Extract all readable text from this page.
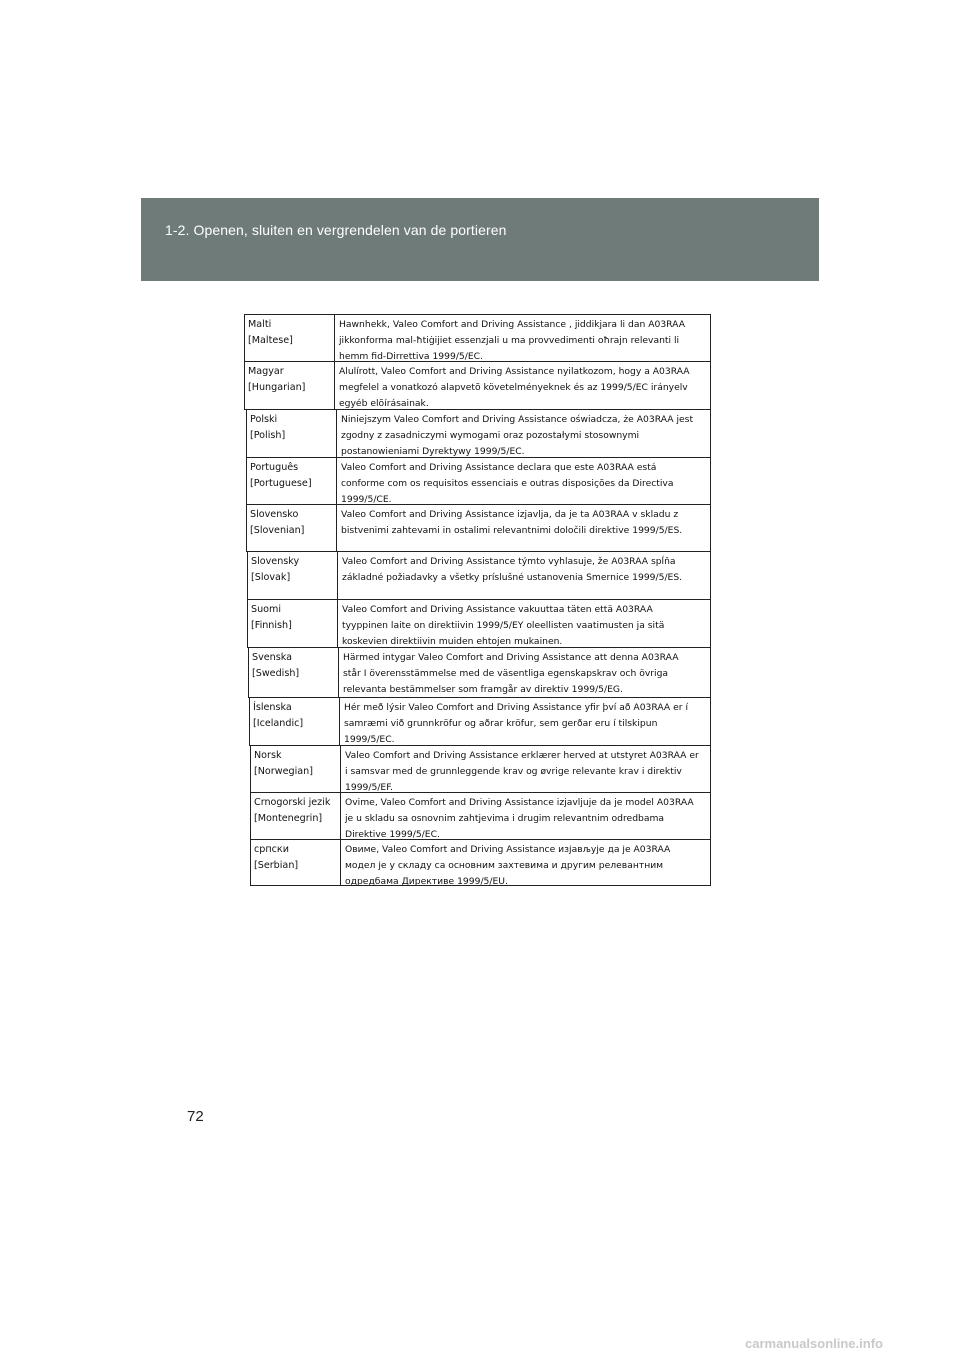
1-2. Openen, sluiten en vergrendelen van de portieren
Malti
[Maltese]
Hawnhekk, Valeo Comfort and Driving Assistance , jiddikjara li dan A03RAA
jikkonforma mal-ħtiġijiet essenzjali u ma provvedimenti oħrajn relevanti li
hemm fid-Dirrettiva 1999/5/EC.
Magyar
[Hungarian]
Alulírott, Valeo Comfort and Driving Assistance nyilatkozom, hogy a A03RAA
megfelel a vonatkozó alapvetõ követelményeknek és az 1999/5/EC irányelv
egyéb elõírásainak.
Polski
[Polish]
Niniejszym Valeo Comfort and Driving Assistance oświadcza, że A03RAA jest
zgodny z zasadniczymi wymogami oraz pozostałymi stosownymi
postanowieniami Dyrektywy 1999/5/EC.
Português
[Portuguese]
Valeo Comfort and Driving Assistance declara que este A03RAA está
conforme com os requisitos essenciais e outras disposições da Directiva
1999/5/CE.
Slovensko
[Slovenian]
Valeo Comfort and Driving Assistance izjavlja, da je ta A03RAA v skladu z
bistvenimi zahtevami in ostalimi relevantnimi določili direktive 1999/5/ES.
Slovensky
[Slovak]
Valeo Comfort and Driving Assistance týmto vyhlasuje, že A03RAA spĺňa
základné požiadavky a všetky príslušné ustanovenia Smernice 1999/5/ES.
Suomi
[Finnish]
Valeo Comfort and Driving Assistance vakuuttaa täten että A03RAA
tyyppinen laite on direktiivin 1999/5/EY oleellisten vaatimusten ja sitä
koskevien direktiivin muiden ehtojen mukainen.
Svenska
[Swedish]
Härmed intygar Valeo Comfort and Driving Assistance att denna A03RAA
står I överensstämmelse med de väsentliga egenskapskrav och övriga
relevanta bestämmelser som framgår av direktiv 1999/5/EG.
Íslenska
[Icelandic]
Hér með lýsir Valeo Comfort and Driving Assistance yfir því að A03RAA er í
samræmi við grunnkröfur og aðrar kröfur, sem gerðar eru í tilskipun
1999/5/EC.
Norsk
[Norwegian]
Valeo Comfort and Driving Assistance erklærer herved at utstyret A03RAA er
i samsvar med de grunnleggende krav og øvrige relevante krav i direktiv
1999/5/EF.
Crnogorski jezik
[Montenegrin]
Ovime, Valeo Comfort and Driving Assistance izjavljuje da je model A03RAA
je u skladu sa osnovnim zahtjevima i drugim relevantnim odredbama
Direktive 1999/5/EC.
српски
[Serbian]
Овиме, Valeo Comfort and Driving Assistance изјављује да је A03RAA
модел је у складу са основним захтевима и другим релевантним
одредбама Директиве 1999/5/EU.
72
carmanualsonline.info
